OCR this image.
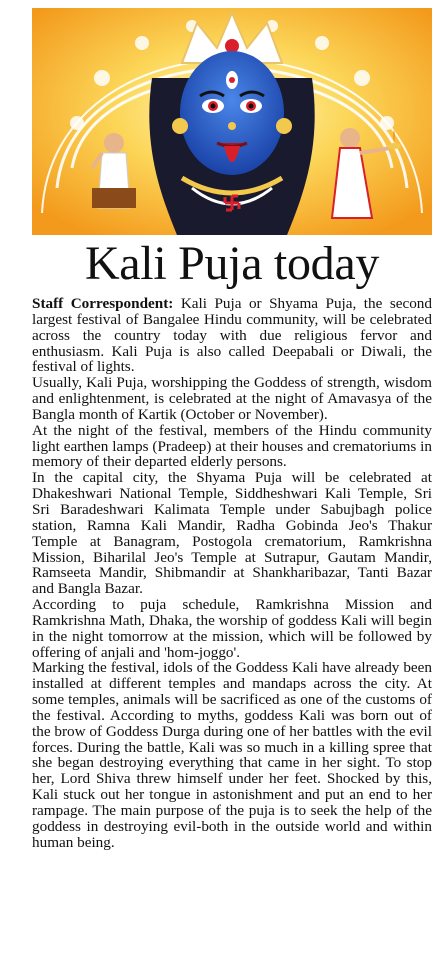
Kali Puja today

Staff Correspondent: Kali Puja or Shyama Puja, the second largest festival of Bangalee Hindu community, will be celebrated across the country today with due religious fervor and enthusiasm. Kali Puja is also called Deepabali or Diwali, the festival of lights.

Usually, Kali Puja, worshipping the Goddess of strength, wisdom and enlightenment, is celebrated at the night of Amavasya of the Bangla month of Kartik (October or November).

At the night of the festival, members of the Hindu community light earthen lamps (Pradeep) at their houses and crematoriums in memory of their departed elderly persons.

In the capital city, the Shyama Puja will be celebrated at Dhakeshwari National Temple, Siddheshwari Kali Temple, Sri Sri Baradeshwari Kalimata Temple under Sabujbagh police station, Ramna Kali Mandir, Radha Gobinda Jeo's Thakur Temple at Banagram, Postogola crematorium, Ramkrishna Mission, Biharilal Jeo's Temple at Sutrapur, Gautam Mandir, Ramseeta Mandir, Shibmandir at Shankharibazar, Tanti Bazar and Bangla Bazar.

According to puja schedule, Ramkrishna Mission and Ramkrishna Math, Dhaka, the worship of goddess Kali will begin in the night tomorrow at the mission, which will be followed by offering of anjali and 'hom-joggo'.

Marking the festival, idols of the Goddess Kali have already been installed at different temples and mandaps across the city. At some temples, animals will be sacrificed as one of the customs of the festival. According to myths, goddess Kali was born out of the brow of Goddess Durga during one of her battles with the evil forces. During the battle, Kali was so much in a killing spree that she began destroying everything that came in her sight. To stop her, Lord Shiva threw himself under her feet. Shocked by this, Kali stuck out her tongue in astonishment and put an end to her rampage. The main purpose of the puja is to seek the help of the goddess in destroying evil-both in the outside world and within human being.
